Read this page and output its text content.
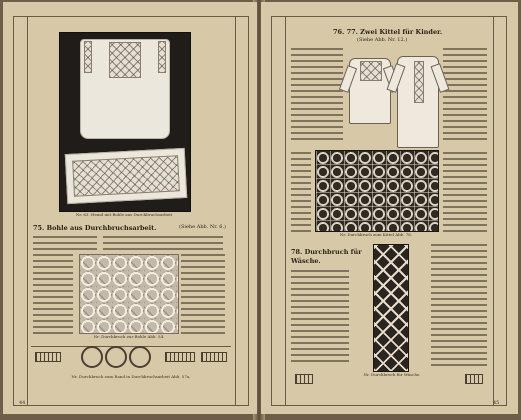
Nr. 63. Hemd mit Bohle aus Durchbruchsarbeit
75. Bohle aus Durchbruchsarbeit.	(Siehe Abb. Nr. 6.)
Nr. Durchbruch zur Bohle Abb. 54.
Nr. Durchbruch zum Rand in Durchbruchsarbeit Abb. 57a.
44
76. 77. Zwei Kittel für Kinder.
(Siehe Abb. Nr. 12.)
Nr. Durchbruch zum Kittel Abb. 76.
78. Durchbruch für
Wäsche.
Nr. Durchbruch für Wäsche.
45
